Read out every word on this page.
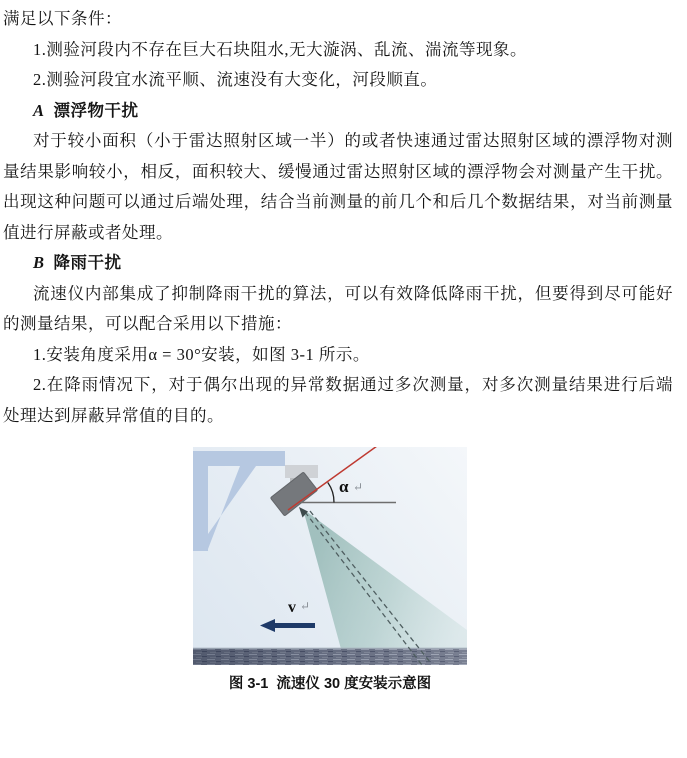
满足以下条件：

1.测验河段内不存在巨大石块阻水,无大漩涡、乱流、湍流等现象。

2.测验河段宜水流平顺、流速没有大变化，河段顺直。

A 漂浮物干扰

对于较小面积（小于雷达照射区域一半）的或者快速通过雷达照射区域的漂浮物对测量结果影响较小，相反，面积较大、缓慢通过雷达照射区域的漂浮物会对测量产生干扰。出现这种问题可以通过后端处理，结合当前测量的前几个和后几个数据结果，对当前测量值进行屏蔽或者处理。

B 降雨干扰

流速仪内部集成了抑制降雨干扰的算法，可以有效降低降雨干扰，但要得到尽可能好的测量结果，可以配合采用以下措施：

1.安装角度采用α = 30°安装，如图 3-1 所示。

2.在降雨情况下，对于偶尔出现的异常数据通过多次测量，对多次测量结果进行后端处理达到屏蔽异常值的目的。

α ↵
v ↵
图 3-1  流速仪 30 度安装示意图
